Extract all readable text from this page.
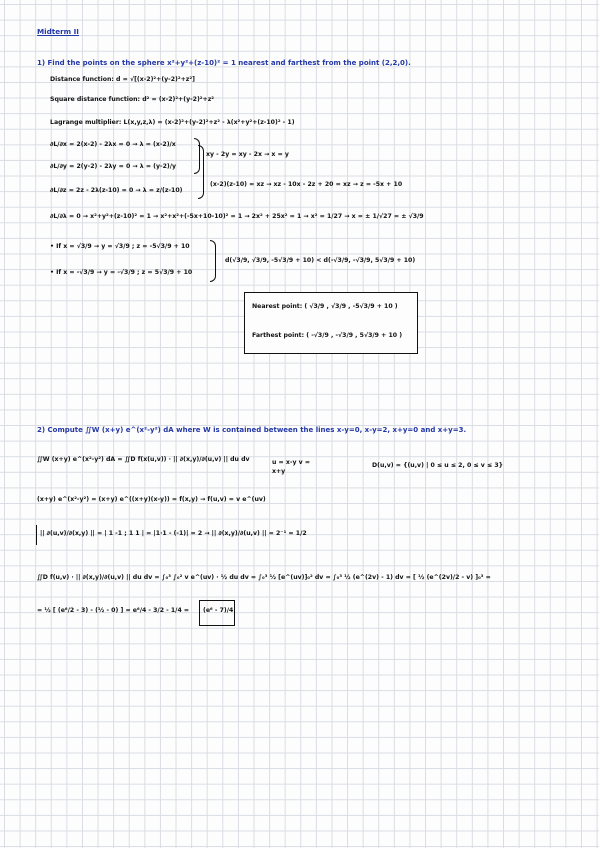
Midterm II
1) Find the points on the sphere x²+y²+(z-10)² = 1 nearest and farthest from the point (2,2,0).
Distance function: d = √[(x-2)²+(y-2)²+z²]
Square distance function: d² = (x-2)²+(y-2)²+z²
Lagrange multiplier: L(x,y,z,λ) = (x-2)²+(y-2)²+z² - λ(x²+y²+(z-10)² - 1)
∂L/∂x = 2(x-2) - 2λx = 0 → λ = (x-2)/x
∂L/∂y = 2(y-2) - 2λy = 0 → λ = (y-2)/y
xy - 2y = xy - 2x → x = y
∂L/∂z = 2z - 2λ(z-10) = 0 → λ = z/(z-10)
(x-2)(z-10) = xz → xz - 10x - 2z + 20 = xz → z = -5x + 10
∂L/∂λ = 0 → x²+y²+(z-10)² = 1 → x²+x²+(-5x+10-10)² = 1 → 2x² + 25x² = 1 → x² = 1/27 → x = ± 1/√27 = ± √3/9
• If x = √3/9 → y = √3/9 ; z = -5√3/9 + 10
• If x = -√3/9 → y = -√3/9 ; z = 5√3/9 + 10
d(√3/9, √3/9, -5√3/9 + 10) < d(-√3/9, -√3/9, 5√3/9 + 10)
Nearest point: ( √3/9 , √3/9 , -5√3/9 + 10 )
Farthest point: ( -√3/9 , -√3/9 , 5√3/9 + 10 )
2) Compute ∬W (x+y) e^(x²-y²) dA where W is contained between the lines x-y=0, x-y=2, x+y=0 and x+y=3.
∬W (x+y) e^(x²-y²) dA = ∬D f(x(u,v)) · || ∂(x,y)/∂(u,v) || du dv	u = x-y v = x+y
D(u,v) = {(u,v) | 0 ≤ u ≤ 2, 0 ≤ v ≤ 3}
(x+y) e^(x²-y²) = (x+y) e^((x+y)(x-y)) = f(x,y) → f(u,v) = v e^(uv)
|| ∂(u,v)/∂(x,y) || = | 1 -1 ; 1 1 | = |1·1 - (-1)| = 2 → || ∂(x,y)/∂(u,v) || = 2⁻¹ = 1/2
∬D f(u,v) · || ∂(x,y)/∂(u,v) || du dv = ∫₀³ ∫₀² v e^(uv) · ½ du dv = ∫₀³ ½ [e^(uv)]₀² dv = ∫₀³ ½ (e^(2v) - 1) dv = [ ½ (e^(2v)/2 - v) ]₀³ =
= ½ [ (e⁶/2 - 3) - (½ - 0) ] = e⁶/4 - 3/2 - 1/4 = (e⁶ - 7)/4
